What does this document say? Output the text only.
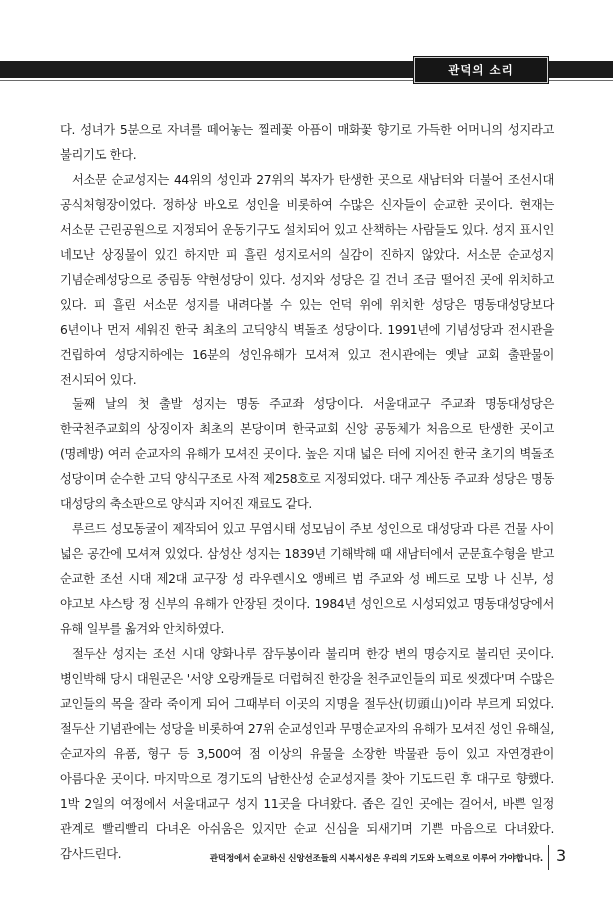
관덕의 소리

다. 성녀가 5분으로 자녀를 떼어놓는 찔레꽃 아픔이 매화꽃 향기로 가득한 어머니의 성지라고 불리기도 한다.

서소문 순교성지는 44위의 성인과 27위의 복자가 탄생한 곳으로 새남터와 더불어 조선시대 공식처형장이었다. 정하상 바오로 성인을 비롯하여 수많은 신자들이 순교한 곳이다. 현재는 서소문 근린공원으로 지정되어 운동기구도 설치되어 있고 산책하는 사람들도 있다. 성지 표시인 네모난 상징물이 있긴 하지만 피 흘린 성지로서의 실감이 진하지 않았다. 서소문 순교성지 기념순례성당으로 중림동 약현성당이 있다. 성지와 성당은 길 건너 조금 떨어진 곳에 위치하고 있다. 피 흘린 서소문 성지를 내려다볼 수 있는 언덕 위에 위치한 성당은 명동대성당보다 6년이나 먼저 세워진 한국 최초의 고딕양식 벽돌조 성당이다. 1991년에 기념성당과 전시관을 건립하여 성당지하에는 16분의 성인유해가 모셔져 있고 전시관에는 옛날 교회 출판물이 전시되어 있다.

둘째 날의 첫 출발 성지는 명동 주교좌 성당이다. 서울대교구 주교좌 명동대성당은 한국천주교회의 상징이자 최초의 본당이며 한국교회 신앙 공동체가 처음으로 탄생한 곳이고 (명례방) 여러 순교자의 유해가 모셔진 곳이다. 높은 지대 넓은 터에 지어진 한국 초기의 벽돌조 성당이며 순수한 고딕 양식구조로 사적 제258호로 지정되었다. 대구 계산동 주교좌 성당은 명동 대성당의 축소판으로 양식과 지어진 재료도 같다.

루르드 성모동굴이 제작되어 있고 무염시태 성모님이 주보 성인으로 대성당과 다른 건물 사이 넓은 공간에 모셔져 있었다. 삼성산 성지는 1839년 기해박해 때 새남터에서 군문효수형을 받고 순교한 조선 시대 제2대 교구장 성 라우렌시오 앵베르 범 주교와 성 베드로 모방 나 신부, 성 야고보 샤스탕 정 신부의 유해가 안장된 것이다. 1984년 성인으로 시성되었고 명동대성당에서 유해 일부를 옮겨와 안치하였다.

절두산 성지는 조선 시대 양화나루 잠두봉이라 불리며 한강 변의 명승지로 불리던 곳이다. 병인박해 당시 대원군은 '서양 오랑캐들로 더럽혀진 한강을 천주교인들의 피로 씻겠다'며 수많은 교인들의 목을 잘라 죽이게 되어 그때부터 이곳의 지명을 절두산(切頭山)이라 부르게 되었다. 절두산 기념관에는 성당을 비롯하여 27위 순교성인과 무명순교자의 유해가 모셔진 성인 유해실, 순교자의 유품, 형구 등 3,500여 점 이상의 유물을 소장한 박물관 등이 있고 자연경관이 아름다운 곳이다. 마지막으로 경기도의 남한산성 순교성지를 찾아 기도드린 후 대구로 향했다. 1박 2일의 여정에서 서울대교구 성지 11곳을 다녀왔다. 좁은 길인 곳에는 걸어서, 바쁜 일정 관계로 빨리빨리 다녀온 아쉬움은 있지만 순교 신심을 되새기며 기쁜 마음으로 다녀왔다. 감사드린다.	관덕정에서 순교하신 신앙선조들의 시복시성은 우리의 기도와 노력으로 이루어 가야합니다. 3
